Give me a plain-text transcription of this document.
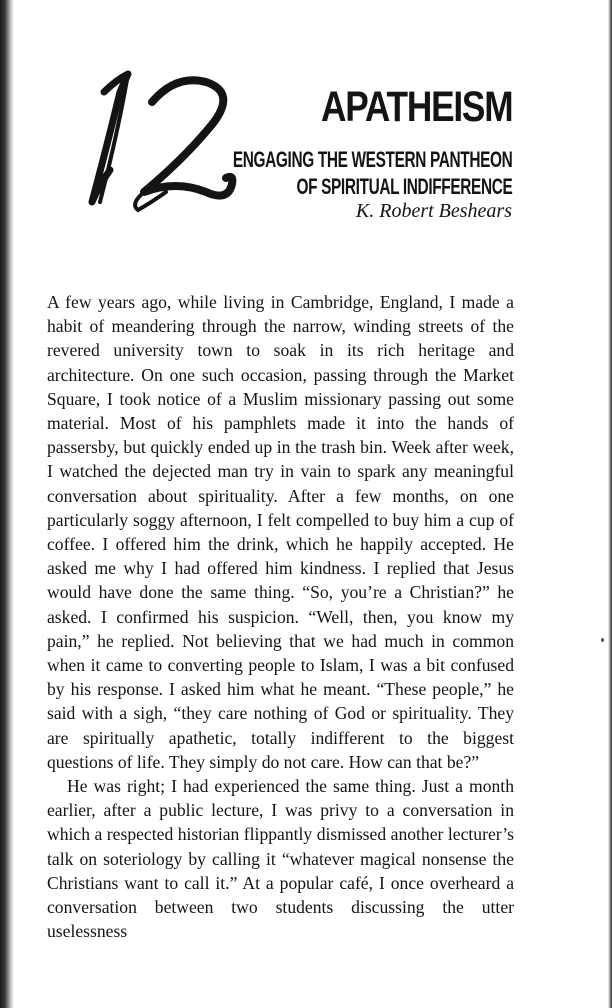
APATHEISM
ENGAGING THE WESTERN PANTHEON
OF SPIRITUAL INDIFFERENCE
K. Robert Beshears

A few years ago, while living in Cambridge, England, I made a habit of meandering through the narrow, winding streets of the revered university town to soak in its rich heritage and architecture. On one such occasion, passing through the Market Square, I took notice of a Muslim missionary passing out some material. Most of his pamphlets made it into the hands of passersby, but quickly ended up in the trash bin. Week after week, I watched the dejected man try in vain to spark any meaningful conversation about spirituality. After a few months, on one particularly soggy afternoon, I felt compelled to buy him a cup of coffee. I offered him the drink, which he happily accepted. He asked me why I had offered him kindness. I replied that Jesus would have done the same thing. “So, you’re a Christian?” he asked. I confirmed his suspicion. “Well, then, you know my pain,” he replied. Not believing that we had much in common when it came to converting people to Islam, I was a bit confused by his response. I asked him what he meant. “These people,” he said with a sigh, “they care nothing of God or spirituality. They are spiritually apathetic, totally indifferent to the biggest questions of life. They simply do not care. How can that be?”

He was right; I had experienced the same thing. Just a month earlier, after a public lecture, I was privy to a conversation in which a respected historian flippantly dismissed another lecturer’s talk on soteriology by calling it “whatever magical nonsense the Christians want to call it.” At a popular café, I once overheard a conversation between two students discussing the utter uselessness
